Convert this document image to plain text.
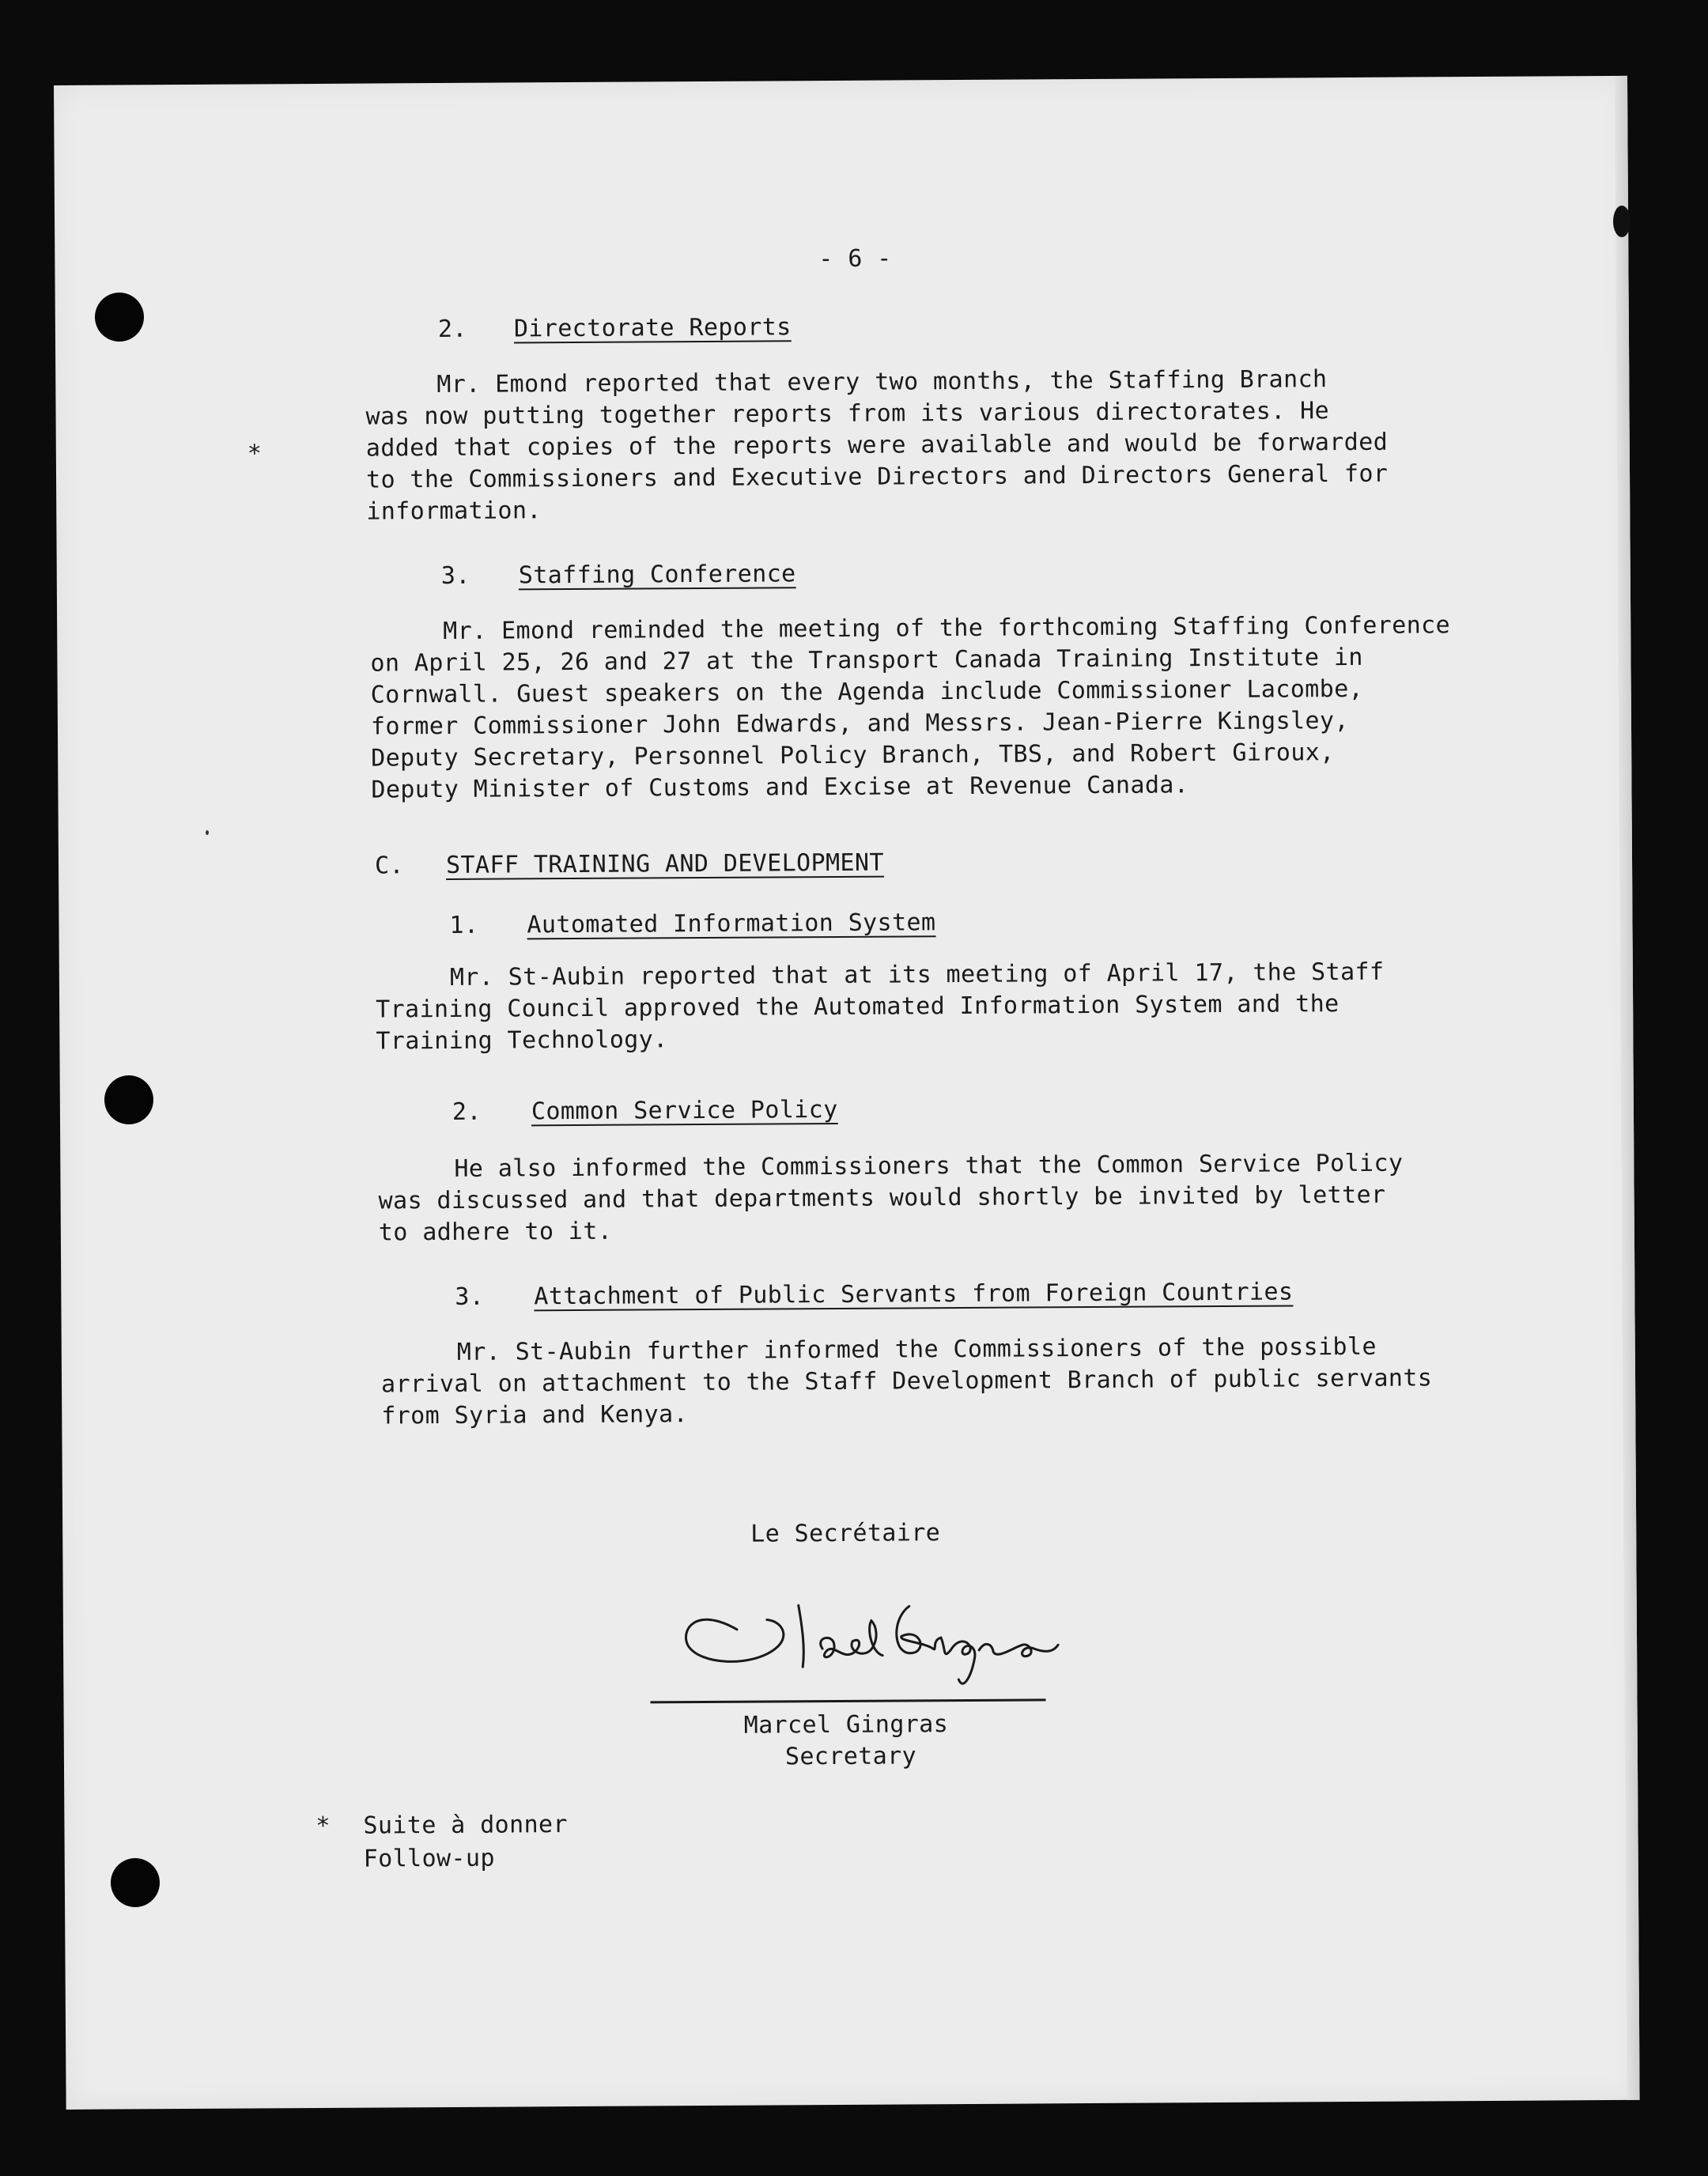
- 6 -

2. Directorate Reports

*

Mr. Emond reported that every two months, the Staffing Branch
was now putting together reports from its various directorates. He
added that copies of the reports were available and would be forwarded
to the Commissioners and Executive Directors and Directors General for
information.

3. Staffing Conference

Mr. Emond reminded the meeting of the forthcoming Staffing Conference
on April 25, 26 and 27 at the Transport Canada Training Institute in
Cornwall. Guest speakers on the Agenda include Commissioner Lacombe,
former Commissioner John Edwards, and Messrs. Jean-Pierre Kingsley,
Deputy Secretary, Personnel Policy Branch, TBS, and Robert Giroux,
Deputy Minister of Customs and Excise at Revenue Canada.

C. STAFF TRAINING AND DEVELOPMENT

1. Automated Information System

Mr. St-Aubin reported that at its meeting of April 17, the Staff
Training Council approved the Automated Information System and the
Training Technology.

2. Common Service Policy

He also informed the Commissioners that the Common Service Policy
was discussed and that departments would shortly be invited by letter
to adhere to it.

3. Attachment of Public Servants from Foreign Countries

Mr. St-Aubin further informed the Commissioners of the possible
arrival on attachment to the Staff Development Branch of public servants
from Syria and Kenya.

Le Secrétaire

Marcel Gingras

Secretary

* Suite à donner

Follow-up
